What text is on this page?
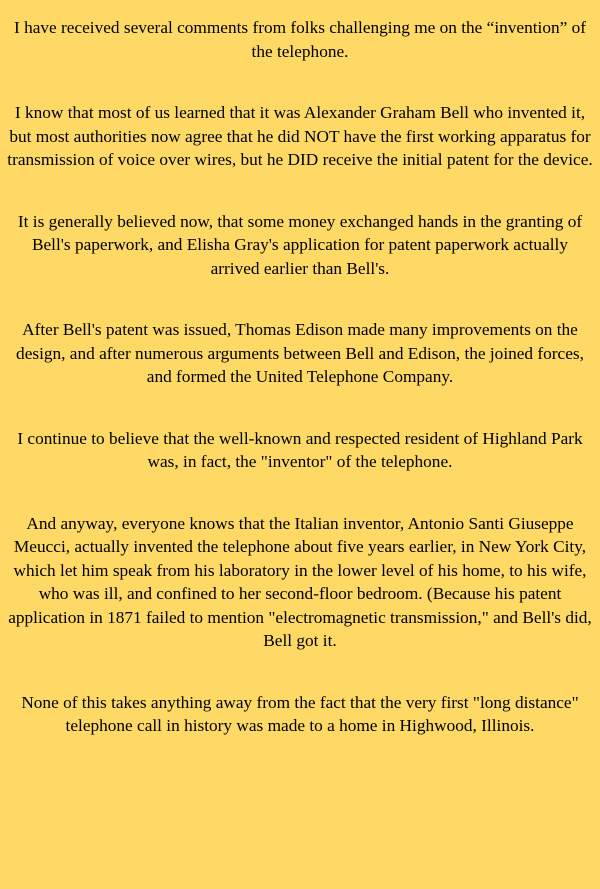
I have received several comments from folks challenging me on the “invention” of the telephone.

I know that most of us learned that it was Alexander Graham Bell who invented it, but most authorities now agree that he did NOT have the first working apparatus for transmission of voice over wires, but he DID receive the initial patent for the device.

It is generally believed now, that some money exchanged hands in the granting of Bell's paperwork, and Elisha Gray's application for patent paperwork actually arrived earlier than Bell's.

After Bell's patent was issued, Thomas Edison made many improvements on the design, and after numerous arguments between Bell and Edison, the joined forces, and formed the United Telephone Company.

I continue to believe that the well-known and respected resident of Highland Park was, in fact, the "inventor" of the telephone.

And anyway, everyone knows that the Italian inventor, Antonio Santi Giuseppe Meucci, actually invented the telephone about five years earlier, in New York City, which let him speak from his laboratory in the lower level of his home, to his wife, who was ill, and confined to her second-floor bedroom. (Because his patent application in 1871 failed to mention "electromagnetic transmission," and Bell's did, Bell got it.

None of this takes anything away from the fact that the very first "long distance" telephone call in history was made to a home in Highwood, Illinois.
